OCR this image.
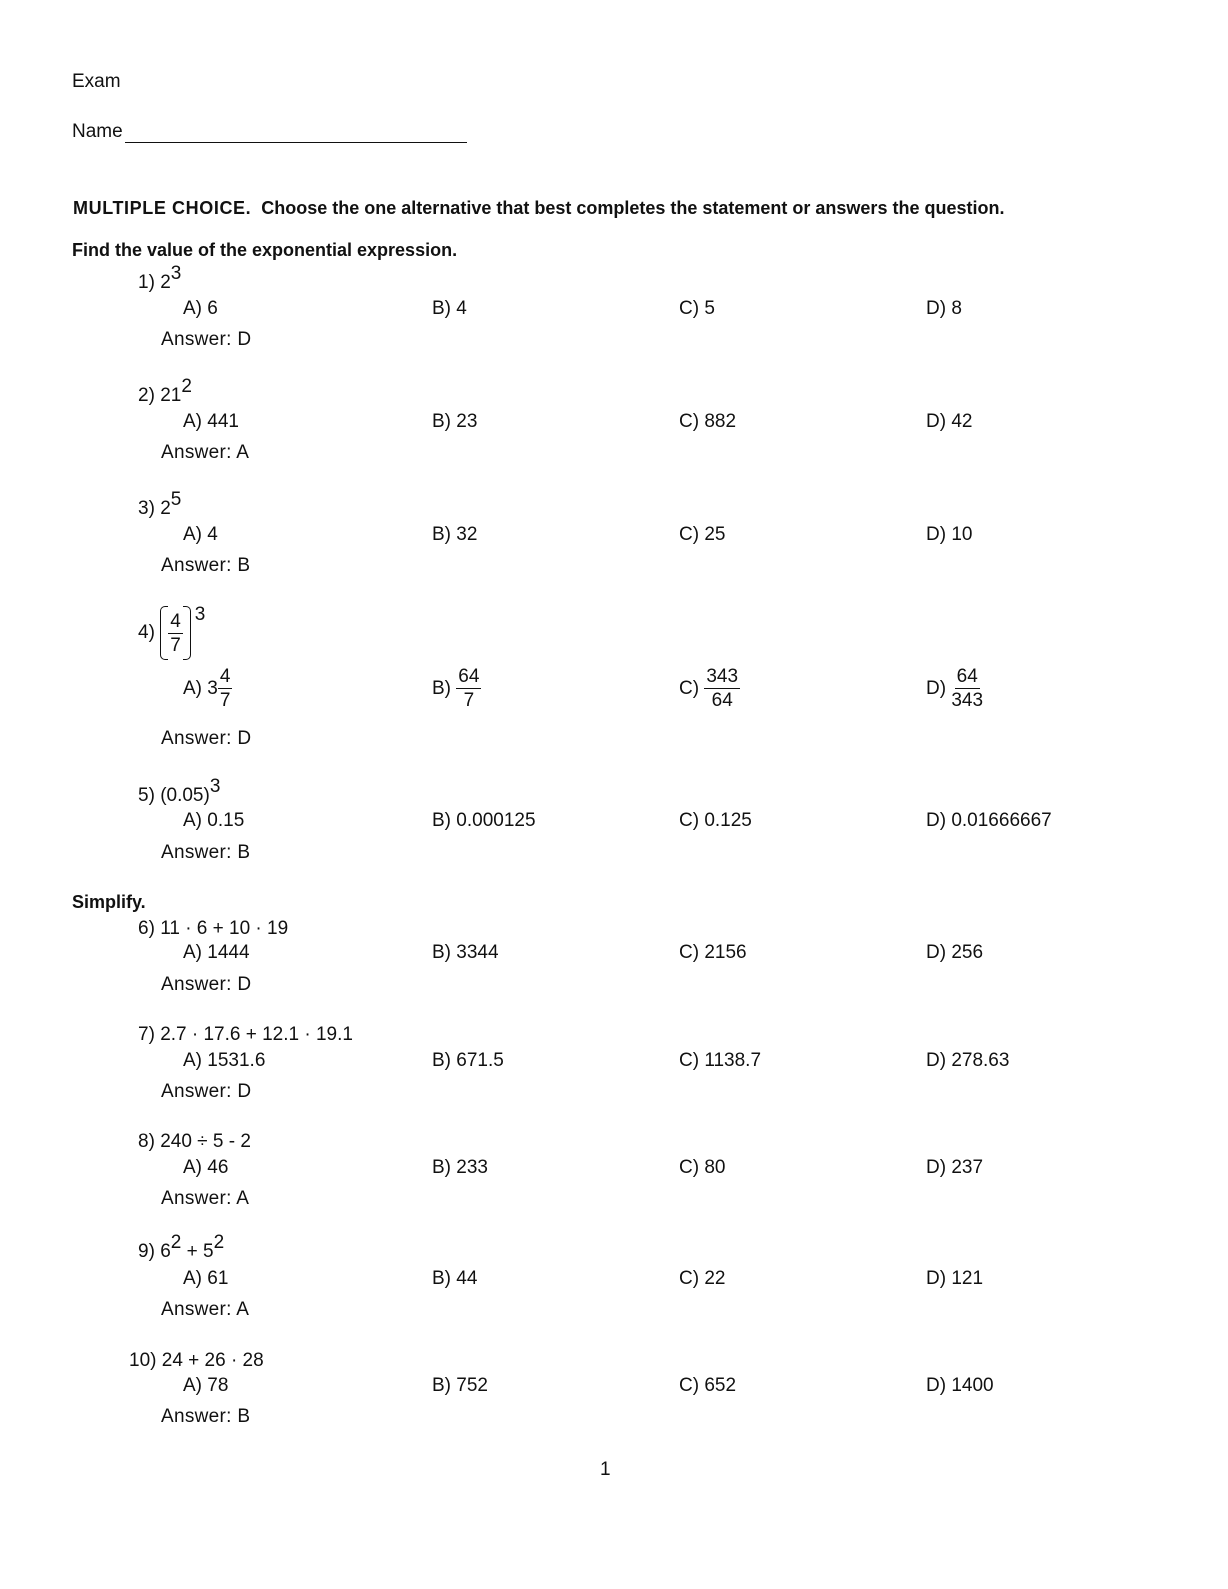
Exam
Name
MULTIPLE CHOICE. Choose the one alternative that best completes the statement or answers the question.
Find the value of the exponential expression.
1) 23
A) 6	B) 4	C) 5	D) 8
Answer: D
2) 212
A) 441	B) 23	C) 882	D) 42
Answer: A
3) 25
A) 4	B) 32	C) 25	D) 10
Answer: B
4)
$\frac{4}{7} 3$
A)
$3 \frac{4}{7}$	B)
$\frac{64}{7}$	C)
$\frac{343}{64}$	D)
$\frac{64}{343}$
Answer: D
5) (0.05)3
A) 0.15	B) 0.000125	C) 0.125	D) 0.01666667
Answer: B
Simplify.
6) 11 · 6 + 10 · 19
A) 1444	B) 3344	C) 2156	D) 256
Answer: D
7) 2.7 · 17.6 + 12.1 · 19.1
A) 1531.6	B) 671.5	C) 1138.7	D) 278.63
Answer: D
8) 240 ÷ 5 - 2
A) 46	B) 233	C) 80	D) 237
Answer: A
9) 62 + 52
A) 61	B) 44	C) 22	D) 121
Answer: A
10) 24 + 26 · 28
A) 78	B) 752	C) 652	D) 1400
Answer: B
1
